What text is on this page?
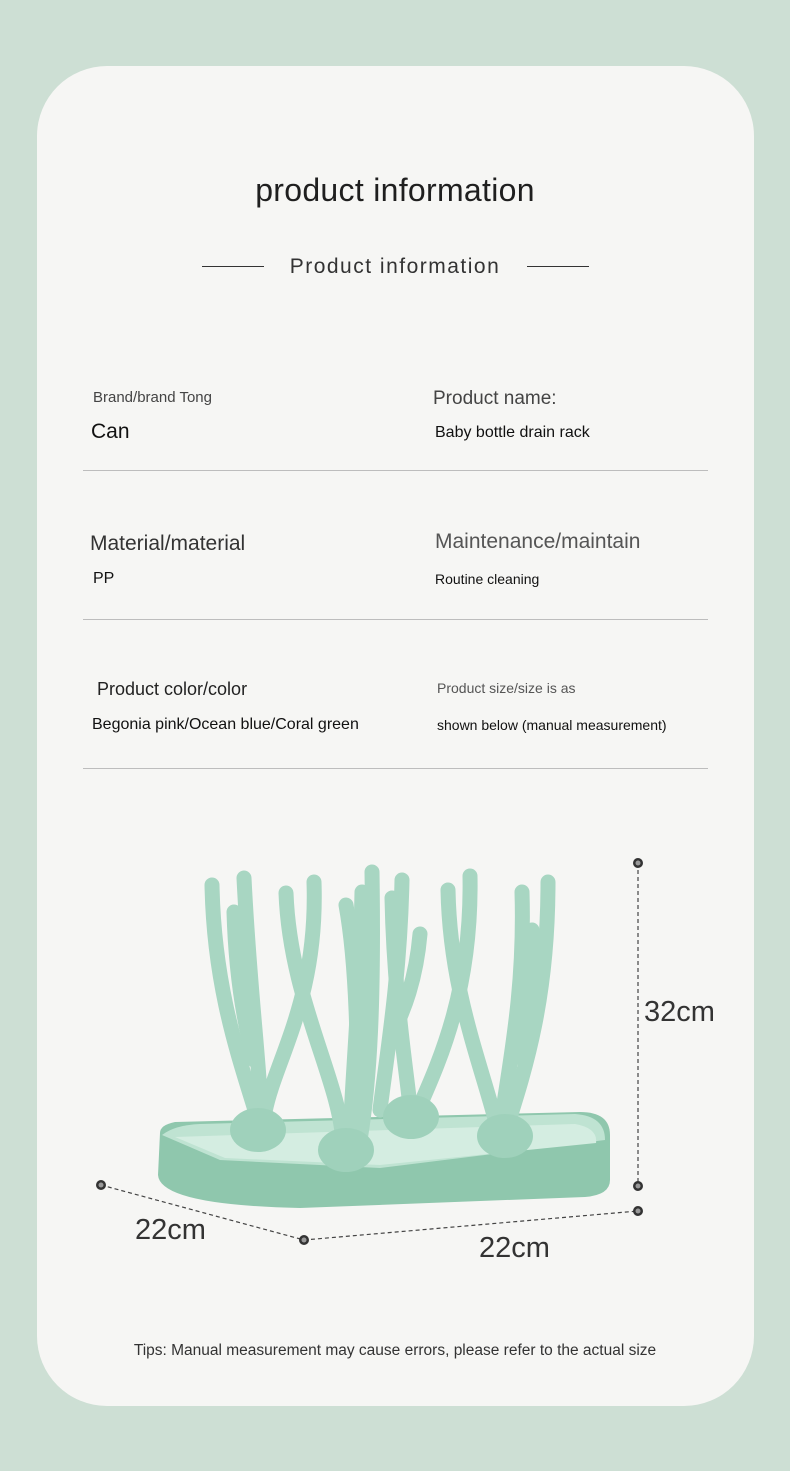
product information
Product information
Brand/brand Tong
Can
Product name:
Baby bottle drain rack
Material/material
PP
Maintenance/maintain
Routine cleaning
Product color/color
Begonia pink/Ocean blue/Coral green
Product size/size is as
shown below (manual measurement)
32cm
22cm
22cm
Tips: Manual measurement may cause errors, please refer to the actual size
